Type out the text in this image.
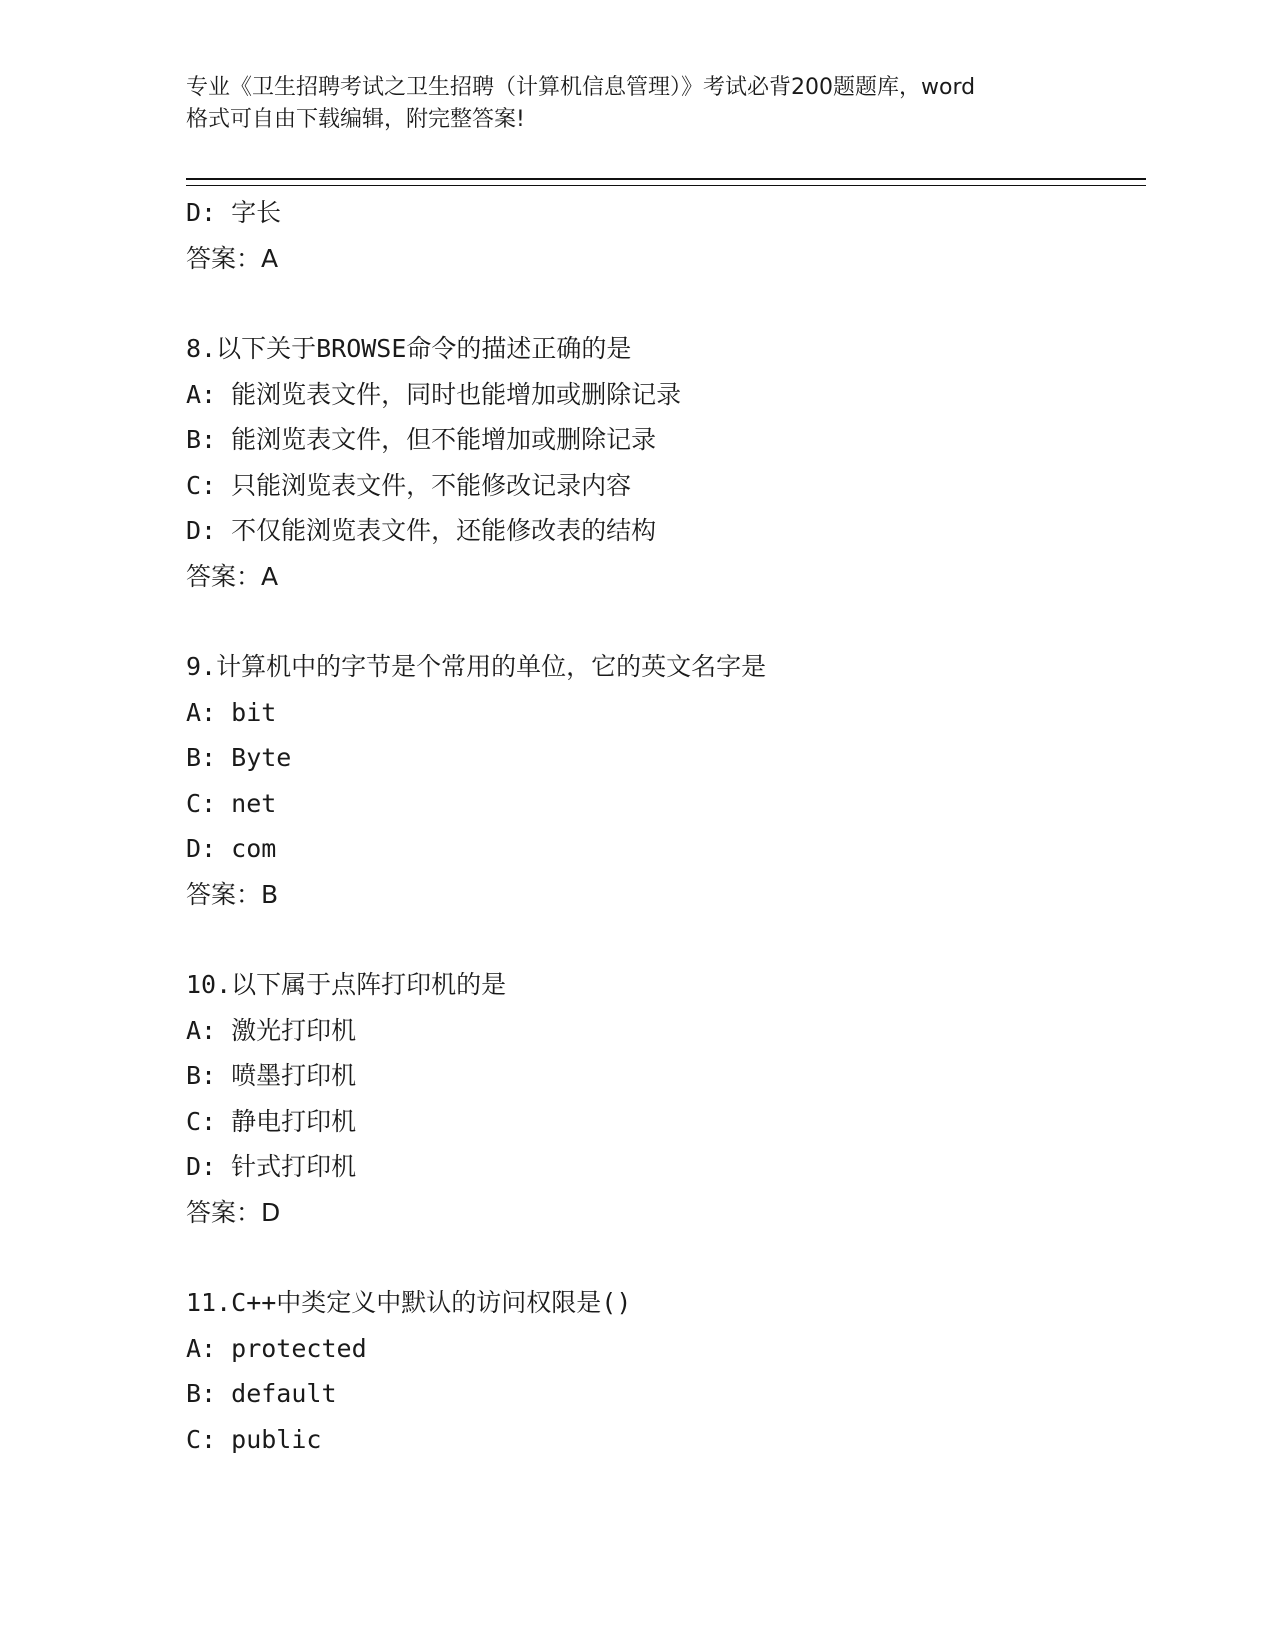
专业《卫生招聘考试之卫生招聘（计算机信息管理）》考试必背200题题库，word
格式可自由下载编辑，附完整答案!
D: 字长
答案：A
8.以下关于BROWSE命令的描述正确的是
A: 能浏览表文件，同时也能增加或删除记录
B: 能浏览表文件，但不能增加或删除记录
C: 只能浏览表文件，不能修改记录内容
D: 不仅能浏览表文件，还能修改表的结构
答案：A
9.计算机中的字节是个常用的单位，它的英文名字是
A: bit
B: Byte
C: net
D: com
答案：B
10.以下属于点阵打印机的是
A: 激光打印机
B: 喷墨打印机
C: 静电打印机
D: 针式打印机
答案：D
11.C++中类定义中默认的访问权限是()
A: protected
B: default
C: public
